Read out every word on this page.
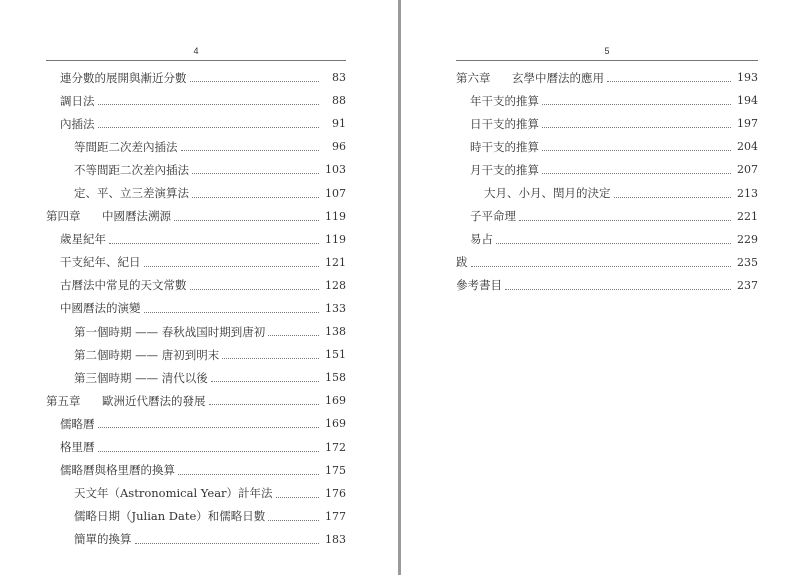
4
連分數的展開與漸近分數	83
調日法	88
內插法	91
等間距二次差內插法	96
不等間距二次差內插法	103
定、平、立三差演算法	107
第四章 中國曆法溯源	119
歲星紀年	119
干支紀年、紀日	121
古曆法中常見的天文常數	128
中國曆法的演變	133
第一個時期 —— 春秋战国时期到唐初	138
第二個時期 —— 唐初到明末	151
第三個時期 —— 清代以後	158
第五章 歐洲近代曆法的發展	169
儒略曆	169
格里曆	172
儒略曆與格里曆的換算	175
天文年（Astronomical Year）計年法	176
儒略日期（Julian Date）和儒略日數	177
簡單的換算	183
5
第六章 玄學中曆法的應用	193
年干支的推算	194
日干支的推算	197
時干支的推算	204
月干支的推算	207
大月、小月、閏月的決定	213
子平命理	221
易占	229
跋	235
參考書目	237
